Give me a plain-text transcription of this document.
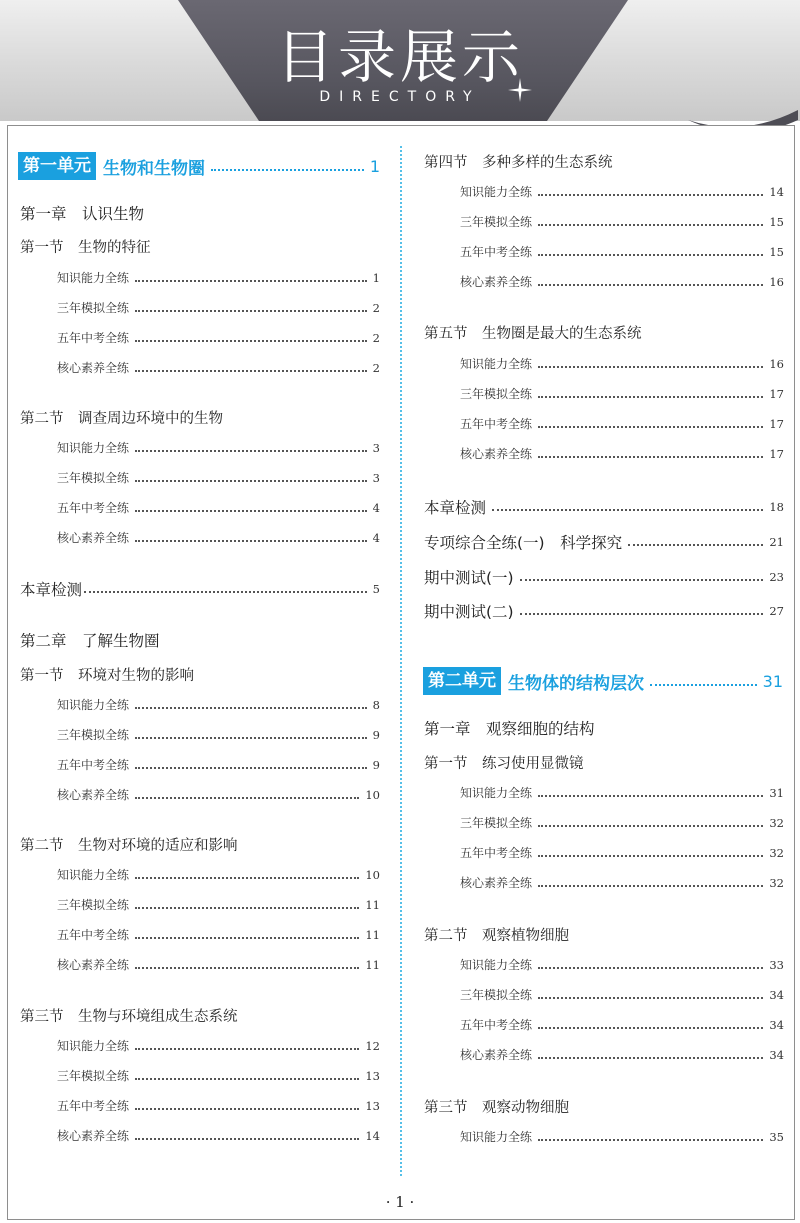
目录展示
DIRECTORY
第一单元 生物和生物圈	1
第一章　认识生物
第一节　生物的特征
知识能力全练	1
三年模拟全练	2
五年中考全练	2
核心素养全练	2
第二节　调查周边环境中的生物
知识能力全练	3
三年模拟全练	3
五年中考全练	4
核心素养全练	4
本章检测	5
第二章　了解生物圈
第一节　环境对生物的影响
知识能力全练	8
三年模拟全练	9
五年中考全练	9
核心素养全练	10
第二节　生物对环境的适应和影响
知识能力全练	10
三年模拟全练	11
五年中考全练	11
核心素养全练	11
第三节　生物与环境组成生态系统
知识能力全练	12
三年模拟全练	13
五年中考全练	13
核心素养全练	14
第四节　多种多样的生态系统
知识能力全练	14
三年模拟全练	15
五年中考全练	15
核心素养全练	16
第五节　生物圈是最大的生态系统
知识能力全练	16
三年模拟全练	17
五年中考全练	17
核心素养全练	17
本章检测	18
专项综合全练(一)　科学探究	21
期中测试(一)	23
期中测试(二)	27
第二单元 生物体的结构层次	31
第一章　观察细胞的结构
第一节　练习使用显微镜
知识能力全练	31
三年模拟全练	32
五年中考全练	32
核心素养全练	32
第二节　观察植物细胞
知识能力全练	33
三年模拟全练	34
五年中考全练	34
核心素养全练	34
第三节　观察动物细胞
知识能力全练	35
· 1 ·
